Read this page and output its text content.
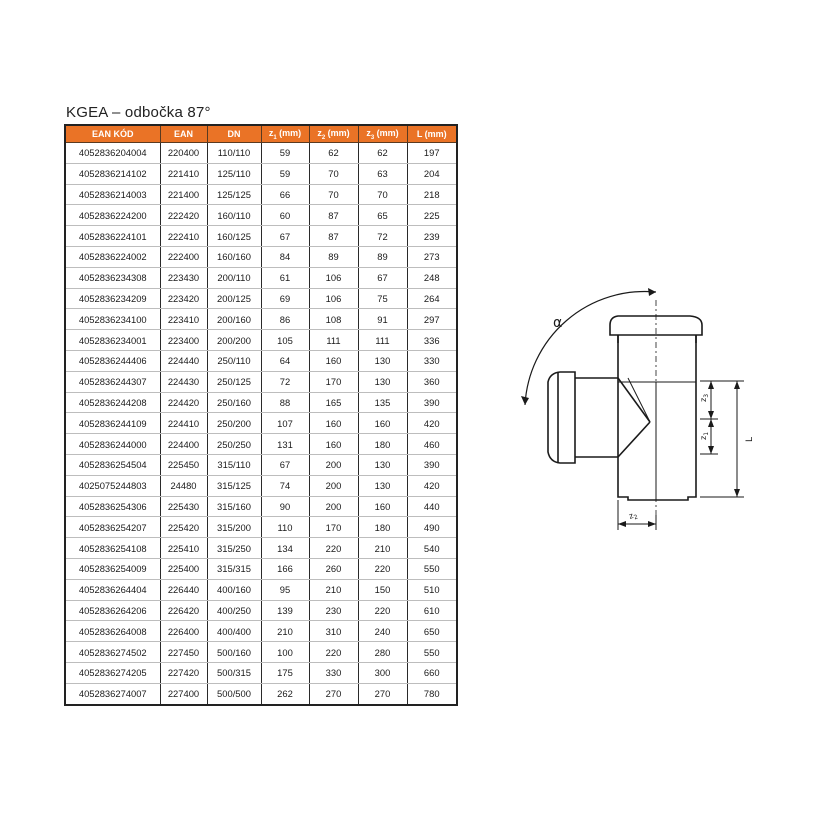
KGEA – odbočka 87°
EAN KÓD	EAN	DN	$z_1$ (mm)	$z_2$ (mm)	$z_3$ (mm)	L (mm)
4052836204004	220400	110/110	59	62	62	197
4052836214102	221410	125/110	59	70	63	204
4052836214003	221400	125/125	66	70	70	218
4052836224200	222420	160/110	60	87	65	225
4052836224101	222410	160/125	67	87	72	239
4052836224002	222400	160/160	84	89	89	273
4052836234308	223430	200/110	61	106	67	248
4052836234209	223420	200/125	69	106	75	264
4052836234100	223410	200/160	86	108	91	297
4052836234001	223400	200/200	105	111	111	336
4052836244406	224440	250/110	64	160	130	330
4052836244307	224430	250/125	72	170	130	360
4052836244208	224420	250/160	88	165	135	390
4052836244109	224410	250/200	107	160	160	420
4052836244000	224400	250/250	131	160	180	460
4052836254504	225450	315/110	67	200	130	390
4025075244803	24480	315/125	74	200	130	420
4052836254306	225430	315/160	90	200	160	440
4052836254207	225420	315/200	110	170	180	490
4052836254108	225410	315/250	134	220	210	540
4052836254009	225400	315/315	166	260	220	550
4052836264404	226440	400/160	95	210	150	510
4052836264206	226420	400/250	139	230	220	610
4052836264008	226400	400/400	210	310	240	650
4052836274502	227450	500/160	100	220	280	550
4052836274205	227420	500/315	175	330	300	660
4052836274007	227400	500/500	262	270	270	780
α
$z_3$
$z_1$
L
$z_2$
